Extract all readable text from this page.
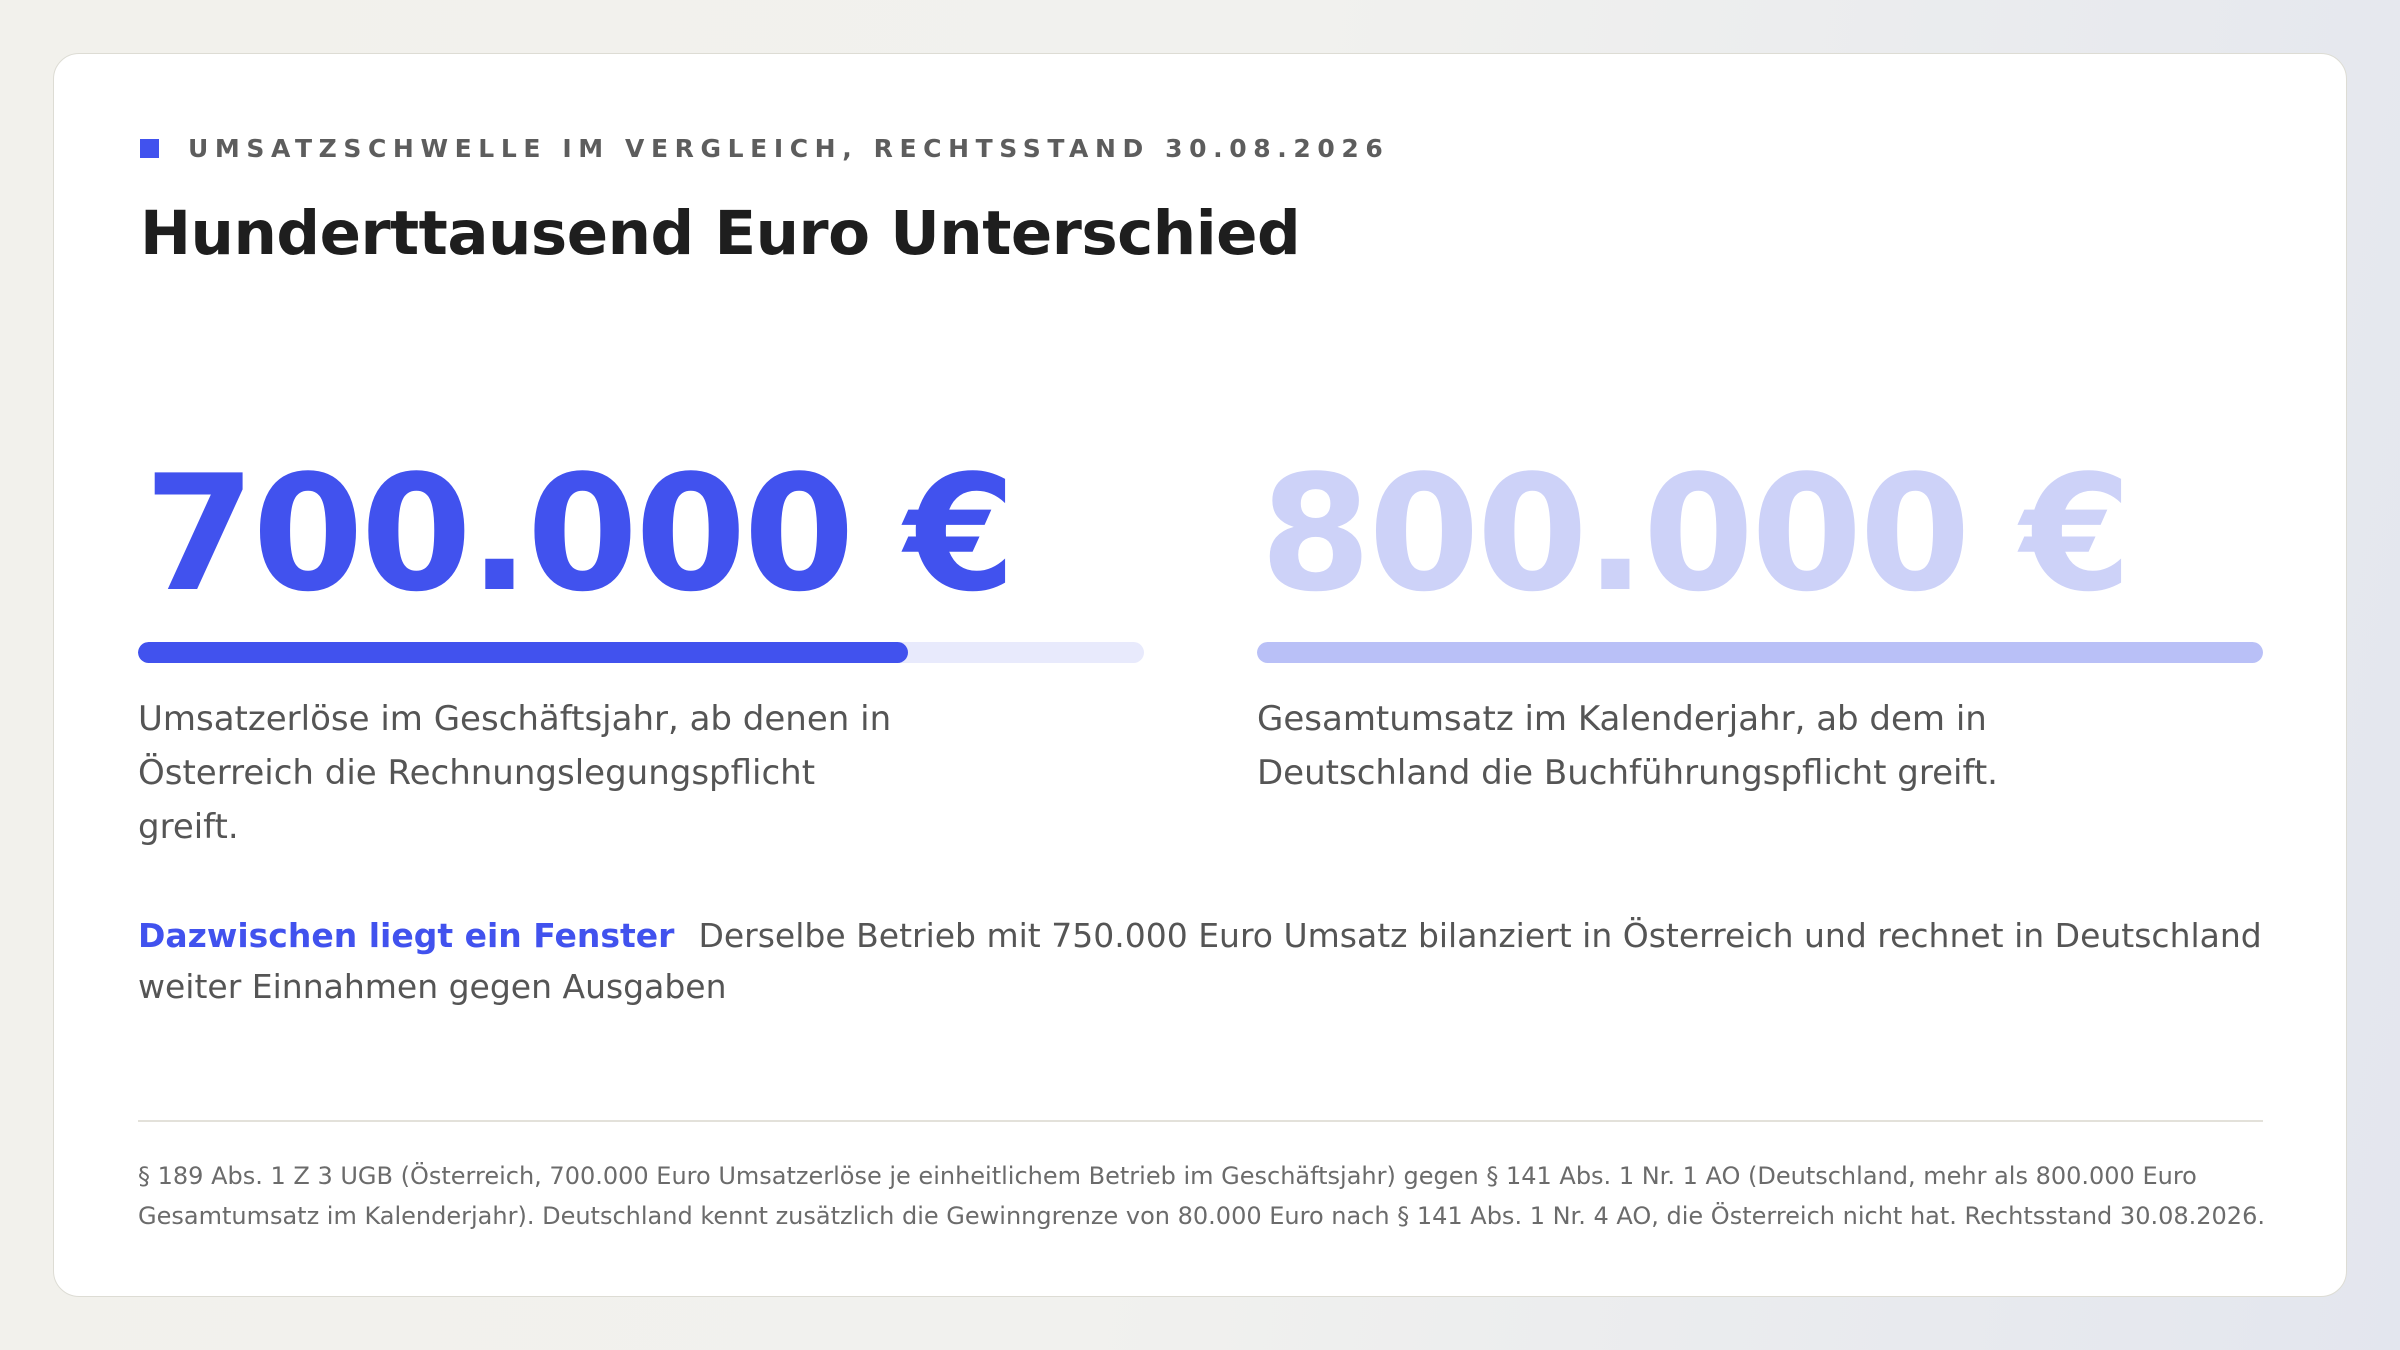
UMSATZSCHWELLE IM VERGLEICH, RECHTSSTAND 30.08.2026
Hunderttausend Euro Unterschied
700.000 € 800.000 €

Umsatzerlöse im Geschäftsjahr, ab denen in Österreich die Rechnungslegungspflicht greift.

Gesamtumsatz im Kalenderjahr, ab dem in Deutschland die Buchführungspflicht greift.

Dazwischen liegt ein Fenster Derselbe Betrieb mit 750.000 Euro Umsatz bilanziert in Österreich und rechnet in Deutschland weiter Einnahmen gegen Ausgaben

§ 189 Abs. 1 Z 3 UGB (Österreich, 700.000 Euro Umsatzerlöse je einheitlichem Betrieb im Geschäftsjahr) gegen § 141 Abs. 1 Nr. 1 AO (Deutschland, mehr als 800.000 Euro Gesamtumsatz im Kalenderjahr). Deutschland kennt zusätzlich die Gewinngrenze von 80.000 Euro nach § 141 Abs. 1 Nr. 4 AO, die Österreich nicht hat. Rechtsstand 30.08.2026.
